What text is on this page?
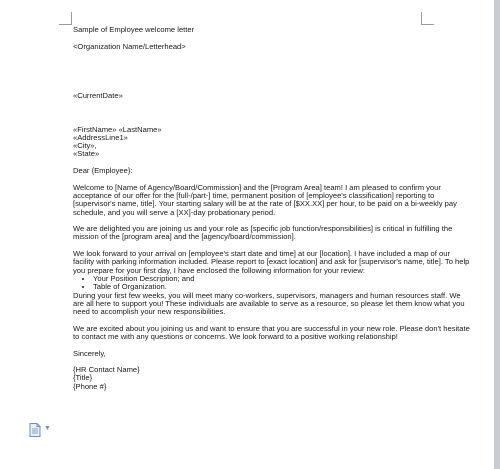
Sample of Employee welcome letter

<Organization Name/Letterhead>

«CurrentDate»

«FirstName» «LastName»

«AddressLine1»

«City»,

«State»

Dear {Employee}:

Welcome to [Name of Agency/Board/Commission] and the [Program Area] team! I am pleased to confirm your acceptance of our offer for the [full-/part-] time, permanent position of [employee's classification] reporting to [supervisor's name, title]. Your starting salary will be at the rate of [$XX.XX] per hour, to be paid on a bi-weekly pay schedule, and you will serve a [XX]-day probationary period.

We are delighted you are joining us and your role as [specific job function/responsibilities] is critical in fulfilling the mission of the [program area] and the [agency/board/commission].

We look forward to your arrival on [employee's start date and time] at our [location]. I have included a map of our facility with parking information included. Please report to [exact location] and ask for [supervisor's name, title]. To help you prepare for your first day, I have enclosed the following information for your review:

• Your Position Description; and
• Table of Organization.

During your first few weeks, you will meet many co-workers, supervisors, managers and human resources staff. We are all here to support you! These individuals are available to serve as a resource, so please let them know what you need to accomplish your new responsibilities.

We are excited about you joining us and want to ensure that you are successful in your new role. Please don't hesitate to contact me with any questions or concerns. We look forward to a positive working relationship!

Sincerely,

{HR Contact Name}

{Title}

{Phone #}

▼
